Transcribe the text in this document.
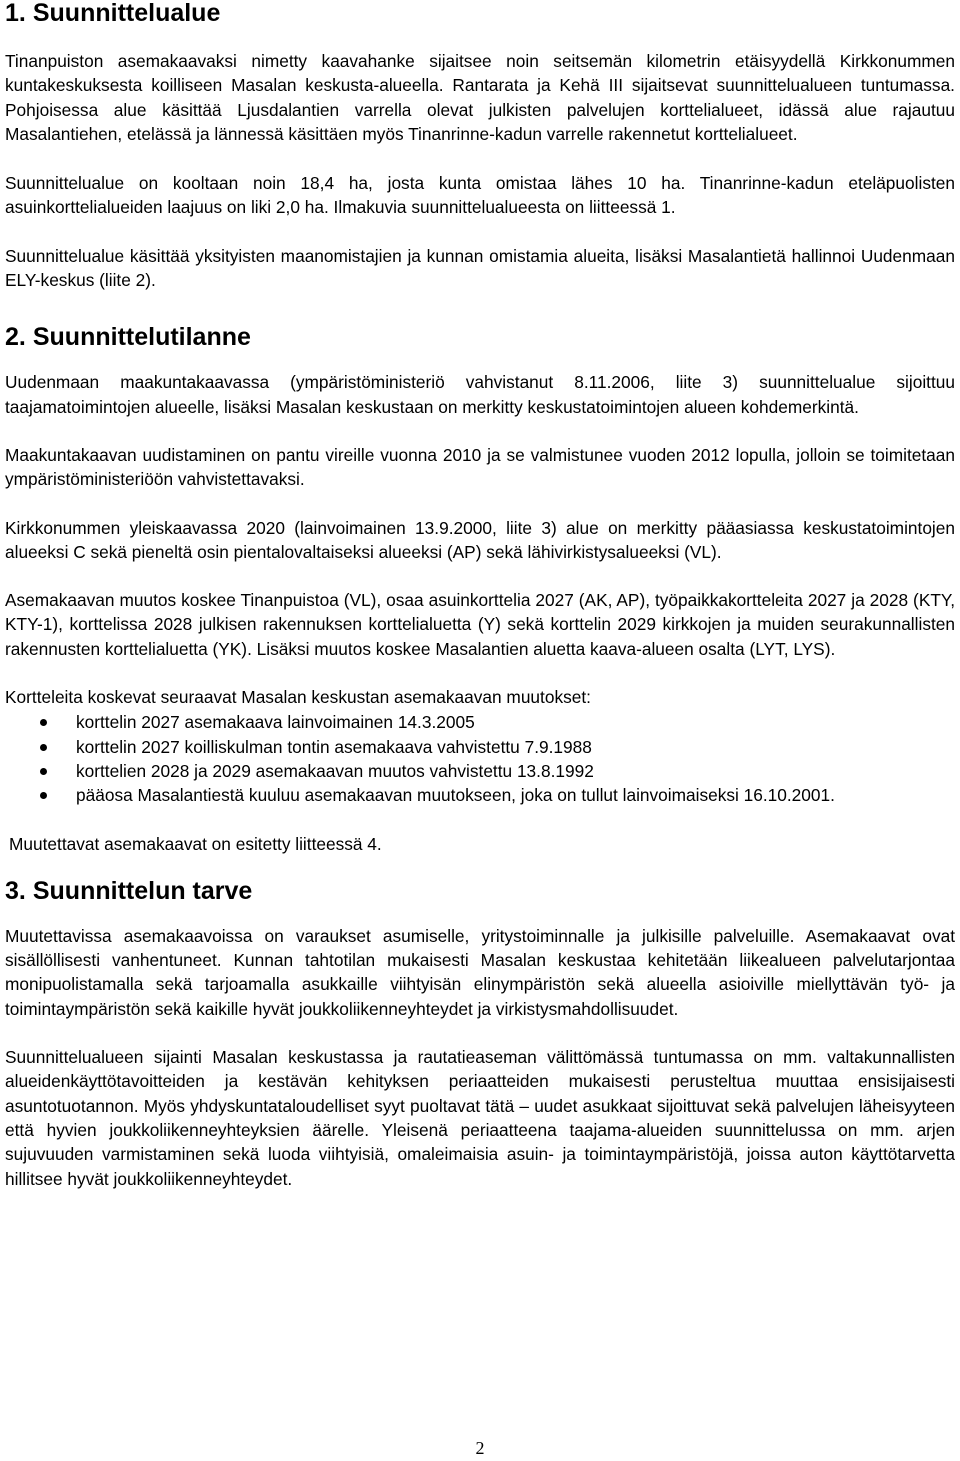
1. Suunnittelualue

Tinanpuiston asemakaavaksi nimetty kaavahanke sijaitsee noin seitsemän kilometrin etäisyydellä Kirkkonummen kuntakeskuksesta koilliseen Masalan keskusta-alueella. Rantarata ja Kehä III sijaitsevat suunnittelualueen tuntumassa. Pohjoisessa alue käsittää Ljusdalantien varrella olevat julkisten palvelujen korttelialueet, idässä alue rajautuu Masalantiehen, etelässä ja lännessä käsittäen myös Tinanrinne-kadun varrelle rakennetut korttelialueet.

Suunnittelualue on kooltaan noin 18,4 ha, josta kunta omistaa lähes 10 ha. Tinanrinne-kadun eteläpuolisten asuinkorttelialueiden laajuus on liki 2,0 ha. Ilmakuvia suunnittelualueesta on liitteessä 1.

Suunnittelualue käsittää yksityisten maanomistajien ja kunnan omistamia alueita, lisäksi Masalantietä hallinnoi Uudenmaan ELY-keskus (liite 2).

2. Suunnittelutilanne

Uudenmaan maakuntakaavassa (ympäristöministeriö vahvistanut 8.11.2006, liite 3) suunnittelualue sijoittuu taajamatoimintojen alueelle, lisäksi Masalan keskustaan on merkitty keskustatoimintojen alueen kohdemerkintä.

Maakuntakaavan uudistaminen on pantu vireille vuonna 2010 ja se valmistunee vuoden 2012 lopulla, jolloin se toimitetaan ympäristöministeriöön vahvistettavaksi.

Kirkkonummen yleiskaavassa 2020 (lainvoimainen 13.9.2000, liite 3) alue on merkitty pääasiassa keskustatoimintojen alueeksi C sekä pieneltä osin pientalovaltaiseksi alueeksi (AP) sekä lähivirkistysalueeksi (VL).

Asemakaavan muutos koskee Tinanpuistoa (VL), osaa asuinkorttelia 2027 (AK, AP), työpaikkakortteleita 2027 ja 2028 (KTY, KTY-1), korttelissa 2028 julkisen rakennuksen korttelialuetta (Y) sekä korttelin 2029 kirkkojen ja muiden seurakunnallisten rakennusten korttelialuetta (YK). Lisäksi muutos koskee Masalantien aluetta kaava-alueen osalta (LYT, LYS).

Kortteleita koskevat seuraavat Masalan keskustan asemakaavan muutokset:

korttelin 2027 asemakaava lainvoimainen 14.3.2005
korttelin 2027 koilliskulman tontin asemakaava vahvistettu 7.9.1988
korttelien 2028 ja 2029 asemakaavan muutos vahvistettu 13.8.1992
pääosa Masalantiestä kuuluu asemakaavan muutokseen, joka on tullut lainvoimaiseksi 16.10.2001.

Muutettavat asemakaavat on esitetty liitteessä 4.

3. Suunnittelun tarve

Muutettavissa asemakaavoissa on varaukset asumiselle, yritystoiminnalle ja julkisille palveluille. Asemakaavat ovat sisällöllisesti vanhentuneet. Kunnan tahtotilan mukaisesti Masalan keskustaa kehitetään liikealueen palvelutarjontaa monipuolistamalla sekä tarjoamalla asukkaille viihtyisän elinympäristön sekä alueella asioiville miellyttävän työ- ja toimintaympäristön sekä kaikille hyvät joukkoliikenneyhteydet ja virkistysmahdollisuudet.

Suunnittelualueen sijainti Masalan keskustassa ja rautatieaseman välittömässä tuntumassa on mm. valtakunnallisten alueidenkäyttötavoitteiden ja kestävän kehityksen periaatteiden mukaisesti perusteltua muuttaa ensisijaisesti asuntotuotannon. Myös yhdyskuntataloudelliset syyt puoltavat tätä – uudet asukkaat sijoittuvat sekä palvelujen läheisyyteen että hyvien joukkoliikenneyhteyksien äärelle. Yleisenä periaatteena taajama-alueiden suunnittelussa on mm. arjen sujuvuuden varmistaminen sekä luoda viihtyisiä, omaleimaisia asuin- ja toimintaympäristöjä, joissa auton käyttötarvetta hillitsee hyvät joukkoliikenneyhteydet.

2
